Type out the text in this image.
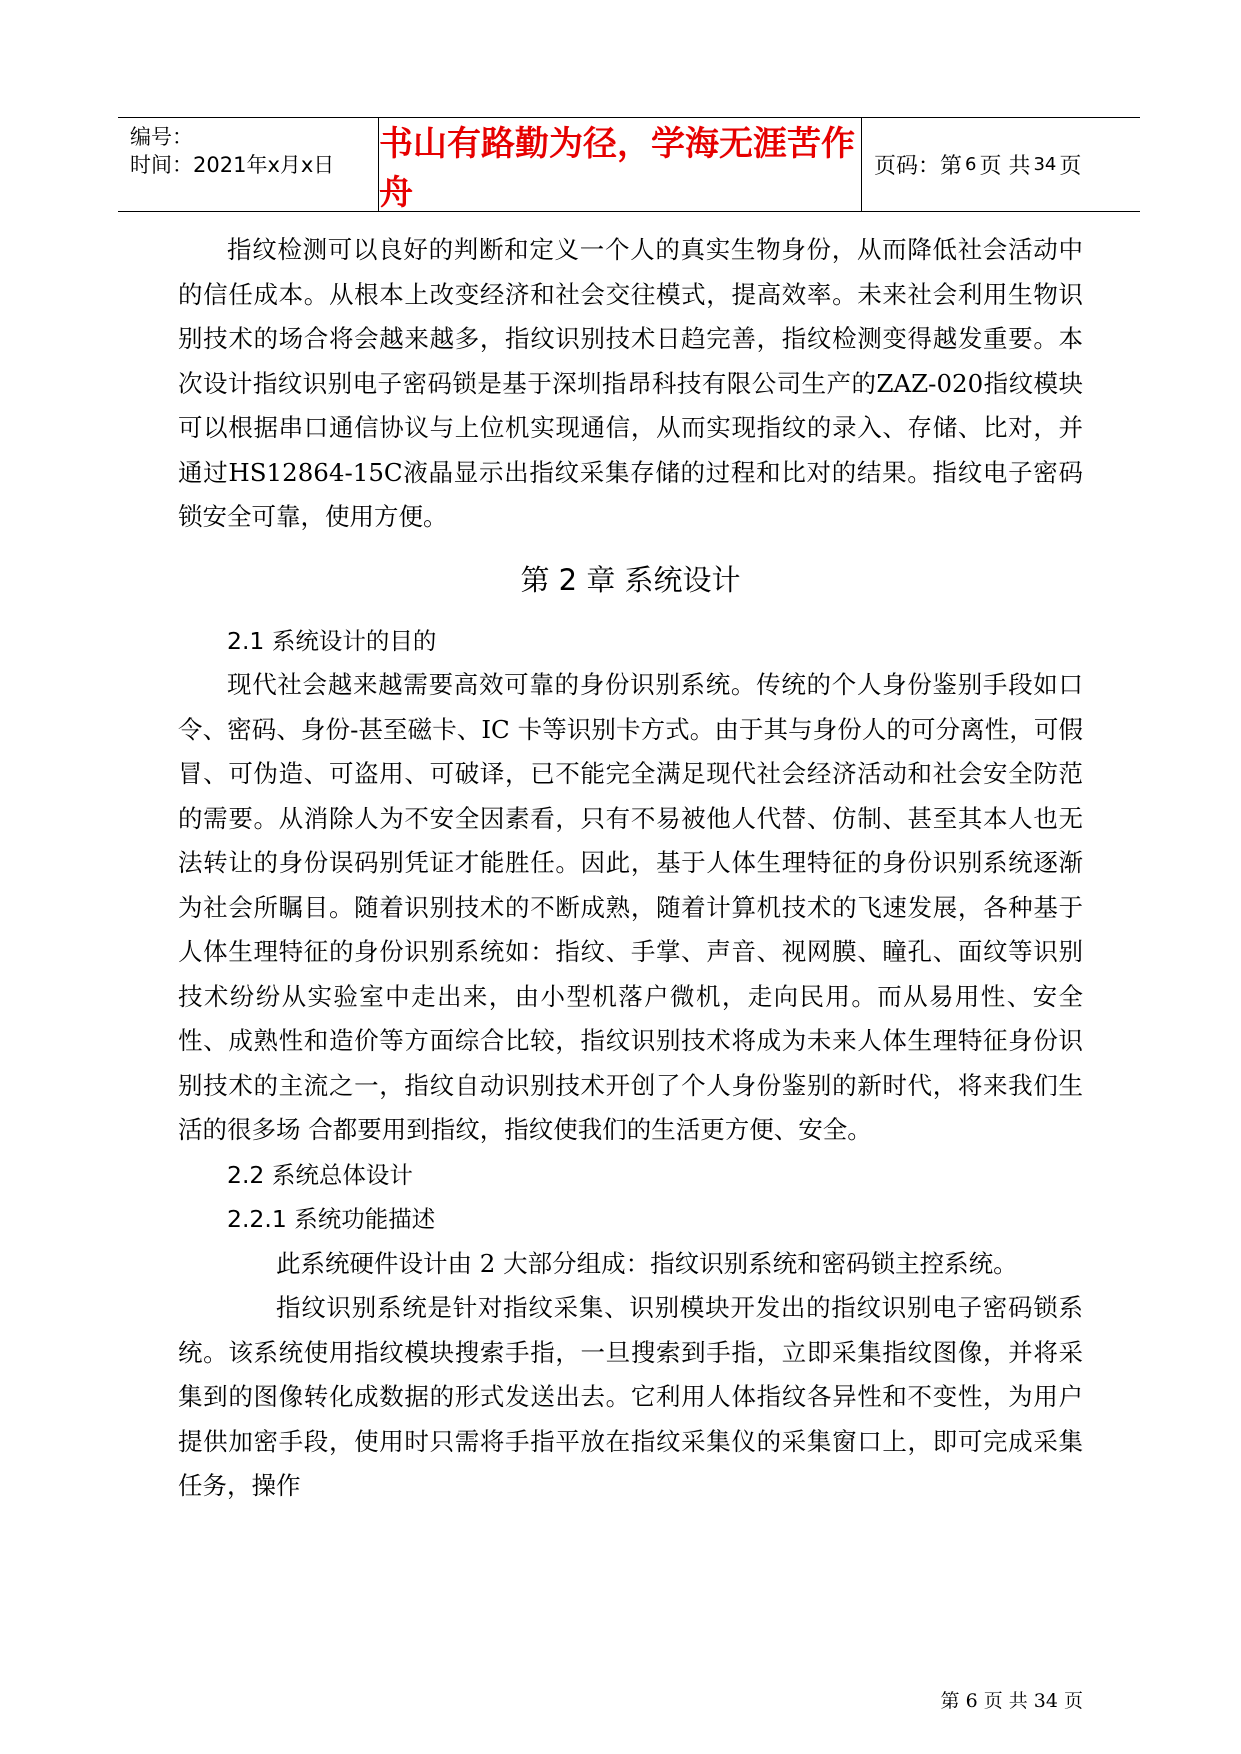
编号：
时间：2021年x月x日
书山有路勤为径，学海无涯苦作舟
页码：第 6 页 共 34 页

指纹检测可以良好的判断和定义一个人的真实生物身份，从而降低社会活动中的信任成本。从根本上改变经济和社会交往模式，提高效率。未来社会利用生物识别技术的场合将会越来越多，指纹识别技术日趋完善，指纹检测变得越发重要。本次设计指纹识别电子密码锁是基于深圳指昂科技有限公司生产的ZAZ-020指纹模块可以根据串口通信协议与上位机实现通信，从而实现指纹的录入、存储、比对，并通过HS12864-15C液晶显示出指纹采集存储的过程和比对的结果。指纹电子密码锁安全可靠，使用方便。

第 2 章 系统设计

2.1 系统设计的目的

现代社会越来越需要高效可靠的身份识别系统。传统的个人身份鉴别手段如口令、密码、身份-甚至磁卡、IC 卡等识别卡方式。由于其与身份人的可分离性，可假冒、可伪造、可盗用、可破译，已不能完全满足现代社会经济活动和社会安全防范的需要。从消除人为不安全因素看，只有不易被他人代替、仿制、甚至其本人也无法转让的身份误码别凭证才能胜任。因此，基于人体生理特征的身份识别系统逐渐为社会所瞩目。随着识别技术的不断成熟，随着计算机技术的飞速发展，各种基于人体生理特征的身份识别系统如：指纹、手掌、声音、视网膜、瞳孔、面纹等识别技术纷纷从实验室中走出来，由小型机落户微机，走向民用。而从易用性、安全性、成熟性和造价等方面综合比较，指纹识别技术将成为未来人体生理特征身份识别技术的主流之一，指纹自动识别技术开创了个人身份鉴别的新时代，将来我们生活的很多场 合都要用到指纹，指纹使我们的生活更方便、安全。

2.2 系统总体设计

2.2.1 系统功能描述

此系统硬件设计由 2 大部分组成：指纹识别系统和密码锁主控系统。

指纹识别系统是针对指纹采集、识别模块开发出的指纹识别电子密码锁系统。该系统使用指纹模块搜索手指，一旦搜索到手指，立即采集指纹图像，并将采集到的图像转化成数据的形式发送出去。它利用人体指纹各异性和不变性，为用户提供加密手段，使用时只需将手指平放在指纹采集仪的采集窗口上，即可完成采集任务，操作

第 6 页 共 34 页
